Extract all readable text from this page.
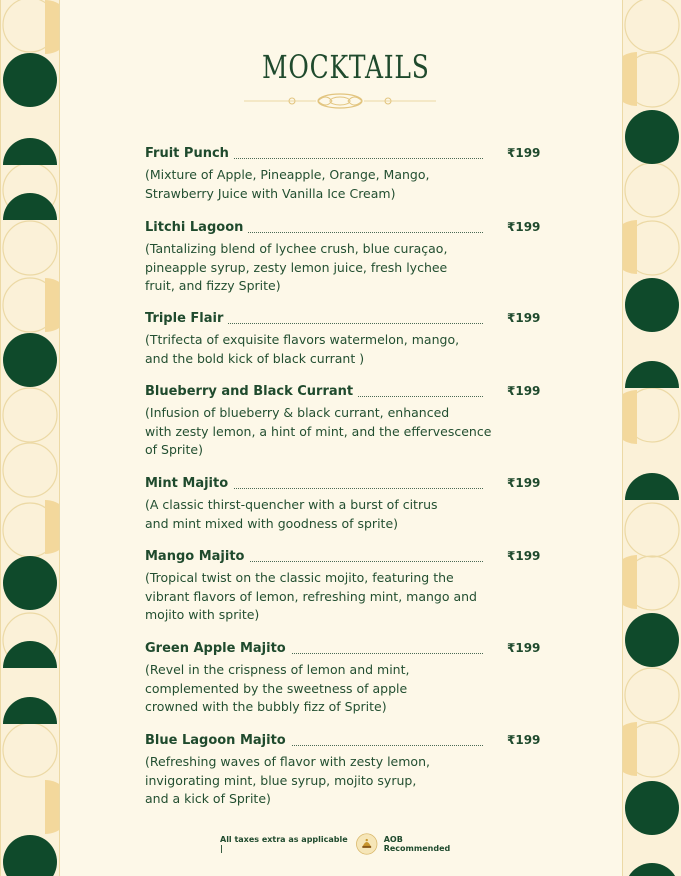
MOCKTAILS
Fruit Punch	₹199
(Mixture of Apple, Pineapple, Orange, Mango,
Strawberry Juice with Vanilla Ice Cream)
Litchi Lagoon	₹199
(Tantalizing blend of lychee crush, blue curaçao,
pineapple syrup, zesty lemon juice, fresh lychee
fruit, and fizzy Sprite)
Triple Flair	₹199
(Ttrifecta of exquisite flavors watermelon, mango,
and the bold kick of black currant )
Blueberry and Black Currant	₹199
(Infusion of blueberry & black currant, enhanced
with zesty lemon, a hint of mint, and the effervescence
of Sprite)
Mint Majito	₹199
(A classic thirst-quencher with a burst of citrus
and mint mixed with goodness of sprite)
Mango Majito	₹199
(Tropical twist on the classic mojito, featuring the
vibrant flavors of lemon, refreshing mint, mango and
mojito with sprite)
Green Apple Majito	₹199
(Revel in the crispness of lemon and mint,
complemented by the sweetness of apple
crowned with the bubbly fizz of Sprite)
Blue Lagoon Majito	₹199
(Refreshing waves of flavor with zesty lemon,
invigorating mint, blue syrup, mojito syrup,
and a kick of Sprite)
All taxes extra as applicable |
AOB Recommended
